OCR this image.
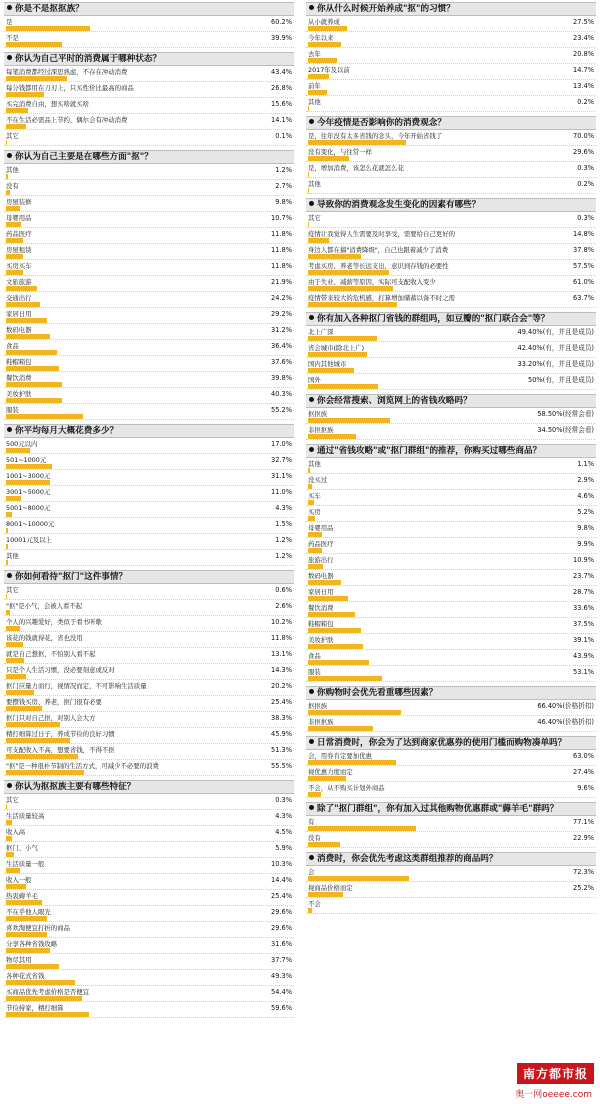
你是不是抠抠族？
是	60.2%
不是	39.9%
你认为自己平时的消费属于哪种状态？
每笔消费都经过深思熟虑，不存在冲动消费	43.4%
每分钱都用在刀刃上，只买性价比最高的商品	26.8%
买完消费自由，想买啥就买啥	15.6%
不在生活必需品上节约，偶尔会有冲动消费	14.1%
其它	0.1%
你认为自己主要是在哪些方面"抠"？
其他	1.2%
没有	2.7%
房屋装修	9.8%
母婴用品	10.7%
药品医疗	11.8%
房屋租赁	11.8%
买房买车	11.8%
文旅旅游	21.9%
交通出行	24.2%
家居日用	29.2%
数码电器	31.2%
食品	36.4%
鞋帽箱包	37.6%
餐饮消费	39.8%
美妆护肤	40.3%
服装	55.2%
你平均每月大概花费多少？
500元以内	17.0%
501~1000元	32.7%
1001~3000元	31.1%
3001~5000元	11.0%
5001~8000元	4.3%
8001~10000元	1.5%
10001元及以上	1.2%
其他	1.2%
你如何看待"抠门"这件事情？
其它	0.6%
"抠"是小气，会被人看不起	2.6%
个人的兴趣爱好，类似于看书听歌	10.2%
该花的钱就得花，省也没用	11.8%
就是自己想抠，不怕别人看不起	13.1%
只是个人生活习惯，没必要刻意或反对	14.3%
抠门应量力而行，视情况而定，不可影响生活质量	20.2%
要攒钱买房、养老，抠门很有必要	25.4%
抠门只对自己抠，对别人会大方	38.3%
精打细算过日子，养成节俭的良好习惯	45.9%
可支配收入不高，想要省钱，不得不抠	51.3%
"抠"是一种很朴节制的生活方式，可减少不必要的浪费	55.5%
你认为抠抠族主要有哪些特征？
其它	0.3%
生活质量较高	4.3%
收入高	4.5%
抠门、小气	5.9%
生活质量一般	10.3%
收入一般	14.4%
热衷薅羊毛	25.4%
不在乎他人眼光	29.6%
喜欢淘便宜打折的商品	29.6%
分享各种省钱攻略	31.6%
物尽其用	37.7%
各种花式省钱	49.3%
买商品优先考虑价格是否便宜	54.4%
节俭持家，精打细算	59.6%
你从什么时候开始养成"抠"的习惯？
从小就养成	27.5%
今年以来	23.4%
去年	20.8%
2017年及以前	14.7%
前年	13.4%
其他	0.2%
今年疫情是否影响你的消费观念？
是，往年没有太多省钱的念头，今年开始省钱了	70.0%
没有变化，与往常一样	29.6%
是，增加消费，该怎么花就怎么花	0.3%
其他	0.2%
导致你的消费观念发生变化的因素有哪些？
其它	0.3%
疫情让我觉得人生需要及时享受，需要给自己更好的	14.8%
身边人都在搞"消费降级"，自己也跟着减少了消费	37.8%
考虑买房、养老等长远支出，意识到存钱的必要性	57.5%
由于失业、减薪等原因，实际可支配收入变少	61.0%
疫情带来较大的危机感，打算增加储蓄以备不时之需	63.7%
你有加入各种抠门省钱的群组吗，如豆瓣的"抠门联合会"等？
北上广深	49.40%(有，并且是成员)
省会城市(除北上广)	42.40%(有，并且是成员)
国内其他城市	33.20%(有，并且是成员)
国外	50%(有，并且是成员)
你会经常搜索、浏览网上的省钱攻略吗？
抠抠族	58.50%(经常会看)
非抠抠族	34.50%(经常会看)
通过"省钱攻略"或"抠门群组"的推荐，你购买过哪些商品？
其他	1.1%
没买过	2.9%
买车	4.6%
买房	5.2%
母婴用品	9.8%
药品医疗	9.9%
旅游出行	10.9%
数码电器	23.7%
家居日用	28.7%
餐饮消费	33.6%
鞋帽箱包	37.5%
美妆护肤	39.1%
食品	43.9%
服装	53.1%
你购物时会优先看重哪些因素？
抠抠族	66.40%(价格折扣)
非抠抠族	46.40%(价格折扣)
日常消费时，你会为了达到商家优惠券的使用门槛而购物凑单吗？
会，用券肯定要加优惠	63.0%
视优惠力度而定	27.4%
不会，从不购买计划外商品	9.6%
除了"抠门群组"，你有加入过其他购物优惠群或"薅羊毛"群吗？
有	77.1%
没有	22.9%
消费时，你会优先考虑这类群组推荐的商品吗？
会	72.3%
视商品价格而定	25.2%
不会
南方都市报
奥一网oeeee.com
